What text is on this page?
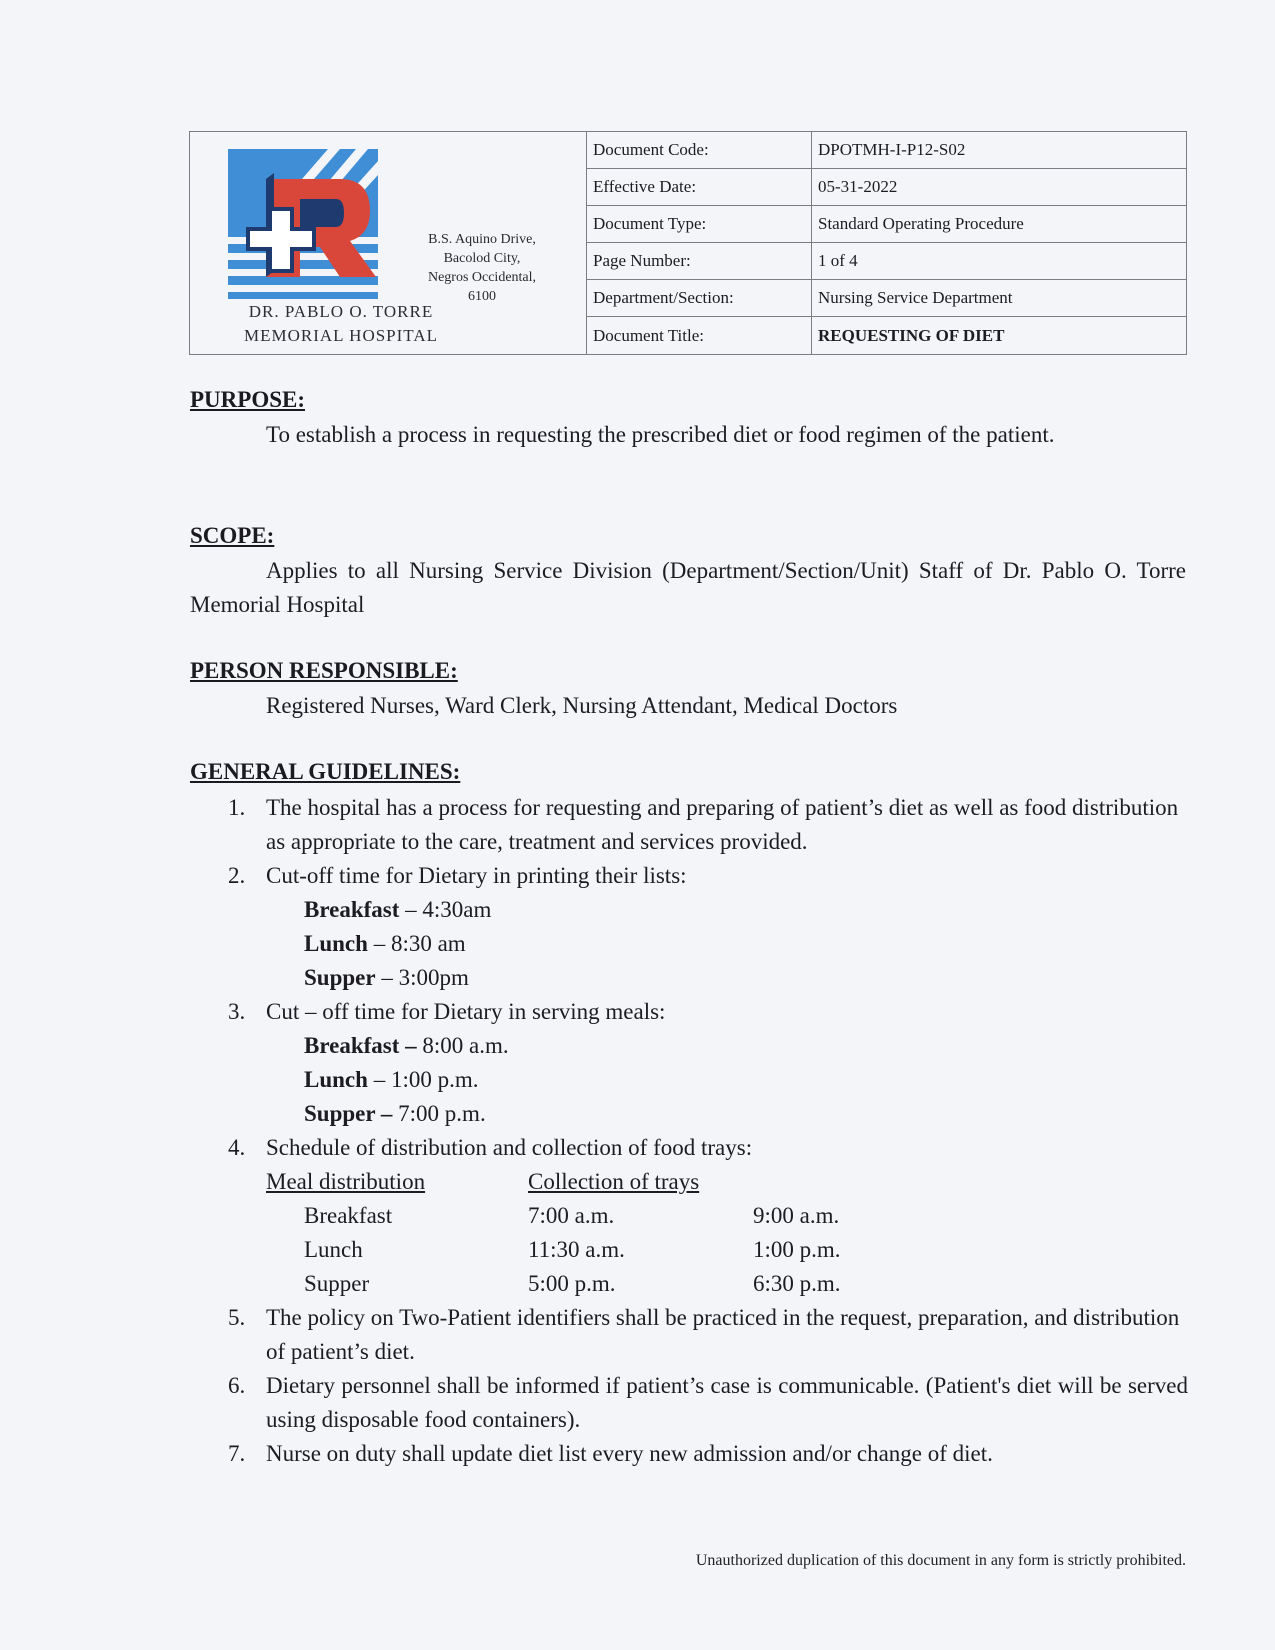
DR. PABLO O. TORRE
MEMORIAL HOSPITAL
B.S. Aquino Drive,
Bacolod City,
Negros Occidental,
6100
Document Code:	DPOTMH-I-P12-S02
Effective Date:	05-31-2022
Document Type:	Standard Operating Procedure
Page Number:	1 of 4
Department/Section:	Nursing Service Department
Document Title:	REQUESTING OF DIET
PURPOSE:
To establish a process in requesting the prescribed diet or food regimen of the patient.
SCOPE:
Applies to all Nursing Service Division (Department/Section/Unit) Staff of Dr. Pablo O. Torre Memorial Hospital
PERSON RESPONSIBLE:
Registered Nurses, Ward Clerk, Nursing Attendant, Medical Doctors
GENERAL GUIDELINES:
1. The hospital has a process for requesting and preparing of patient’s diet as well as food distribution as appropriate to the care, treatment and services provided.
2. Cut-off time for Dietary in printing their lists:
Breakfast – 4:30am
Lunch – 8:30 am
Supper – 3:00pm
3. Cut – off time for Dietary in serving meals:
Breakfast – 8:00 a.m.
Lunch – 1:00 p.m.
Supper – 7:00 p.m.
4. Schedule of distribution and collection of food trays:
Meal distribution	Collection of trays
Breakfast	7:00 a.m.	9:00 a.m.
Lunch	11:30 a.m.	1:00 p.m.
Supper	5:00 p.m.	6:30 p.m.
5. The policy on Two-Patient identifiers shall be practiced in the request, preparation, and distribution of patient’s diet.
6. Dietary personnel shall be informed if patient’s case is communicable. (Patient's diet will be served using disposable food containers).
7. Nurse on duty shall update diet list every new admission and/or change of diet.
Unauthorized duplication of this document in any form is strictly prohibited.
